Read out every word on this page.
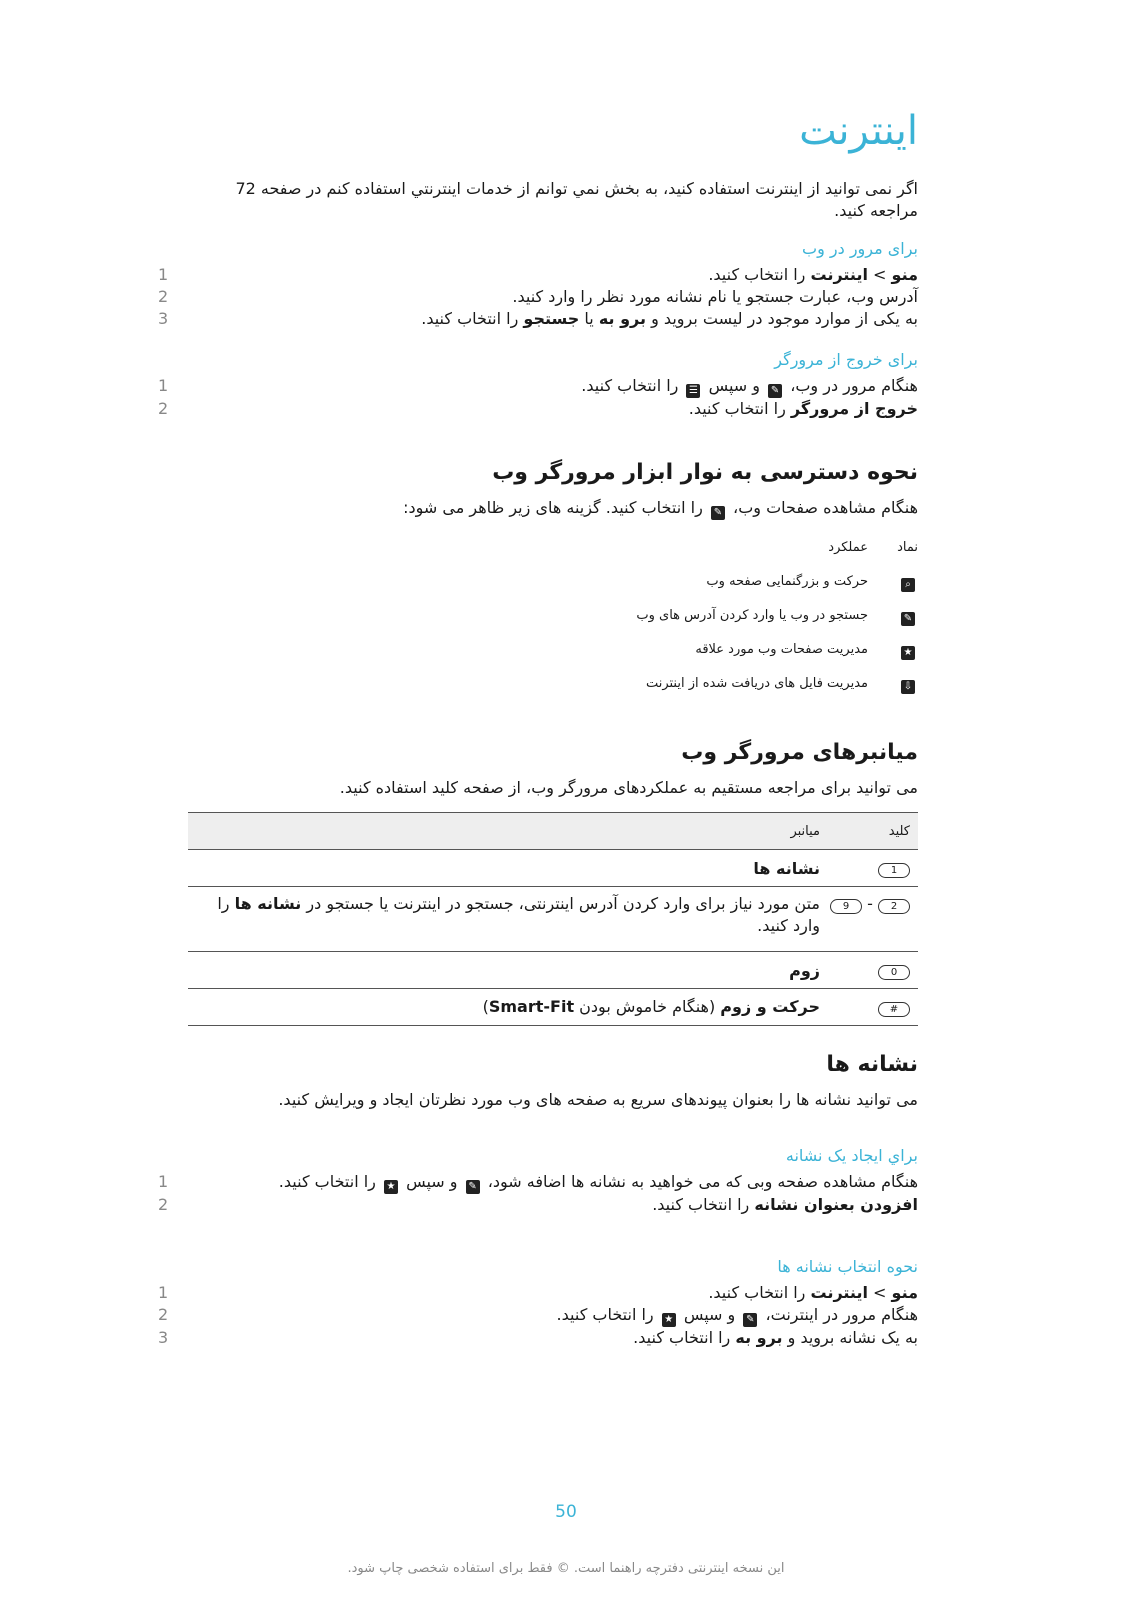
اينترنت
اگر نمی توانید از اینترنت استفاده کنید، به بخش نمي توانم از خدمات اينترنتي استفاده كنم در صفحه 72 مراجعه کنید.
برای مرور در وب
منو > اینترنت را انتخاب کنید.
1
آدرس وب، عبارت جستجو یا نام نشانه مورد نظر را وارد کنید.
2
به یکی از موارد موجود در لیست بروید و برو به یا جستجو را انتخاب کنید.
3
برای خروج از مرورگر
هنگام مرور در وب، ✎ و سپس ☰ را انتخاب کنید.
1
خروج از مرورگر را انتخاب کنید.
2
نحوه دسترسی به نوار ابزار مرورگر وب
هنگام مشاهده صفحات وب، ✎ را انتخاب کنید. گزینه های زیر ظاهر می شود:
نماد
عملکرد
⌕
حرکت و بزرگنمایی صفحه وب
✎
جستجو در وب یا وارد کردن آدرس های وب
★
مدیریت صفحات وب مورد علاقه
⇩
مدیریت فایل های دریافت شده از اینترنت
میانبرهای مرورگر وب
می توانید برای مراجعه مستقیم به عملکردهای مرورگر وب، از صفحه کلید استفاده کنید.
کلید
میانبر
1
نشانه ها
9 - 2
متن مورد نیاز برای وارد کردن آدرس اینترنتی، جستجو در اینترنت یا جستجو در نشانه ها را وارد کنید.
0
زوم
#
حرکت و زوم (هنگام خاموش بودن Smart-Fit)
نشانه ها
می توانید نشانه ها را بعنوان پیوندهای سریع به صفحه های وب مورد نظرتان ایجاد و ویرایش کنید.
براي ايجاد يک نشانه
هنگام مشاهده صفحه وبی که می خواهید به نشانه ها اضافه شود، ✎ و سپس ★ را انتخاب کنید.
1
افزودن بعنوان نشانه را انتخاب کنید.
2
نحوه انتخاب نشانه ها
منو > اینترنت را انتخاب کنید.
1
هنگام مرور در اینترنت، ✎ و سپس ★ را انتخاب کنید.
2
به یک نشانه بروید و برو به را انتخاب کنید.
3
50
این نسخه اینترنتی دفترچه راهنما است. © فقط برای استفاده شخصی چاپ شود.
